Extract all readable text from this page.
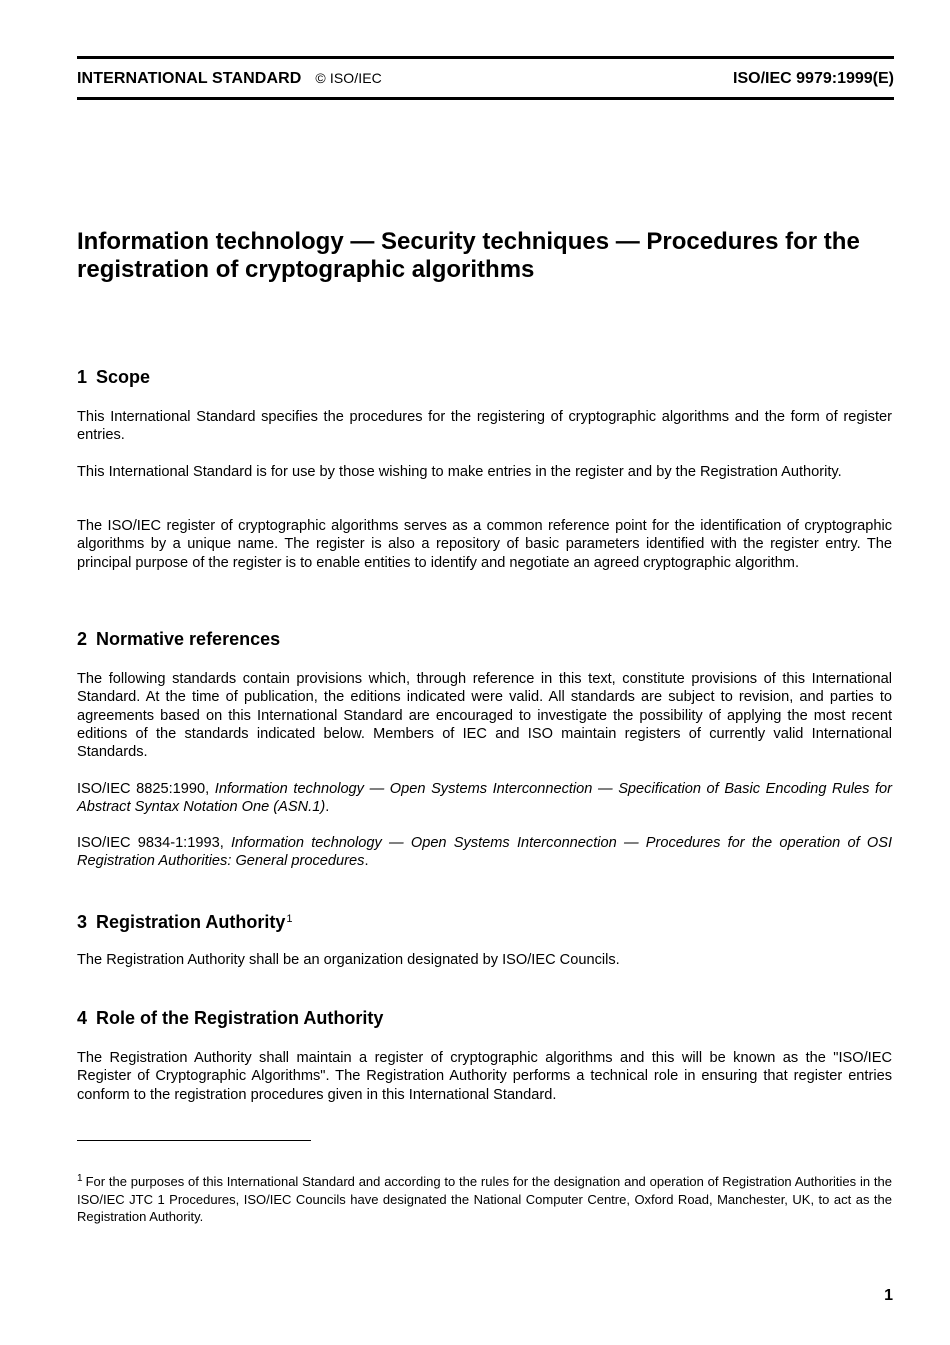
INTERNATIONAL STANDARD © ISO/IEC	ISO/IEC 9979:1999(E)
Information technology — Security techniques — Procedures for the registration of cryptographic algorithms
1 Scope

This International Standard specifies the procedures for the registering of cryptographic algorithms and the form of register entries.

This International Standard is for use by those wishing to make entries in the register and by the Registration Authority.

The ISO/IEC register of cryptographic algorithms serves as a common reference point for the identification of cryptographic algorithms by a unique name. The register is also a repository of basic parameters identified with the register entry. The principal purpose of the register is to enable entities to identify and negotiate an agreed cryptographic algorithm.

2 Normative references

The following standards contain provisions which, through reference in this text, constitute provisions of this International Standard. At the time of publication, the editions indicated were valid. All standards are subject to revision, and parties to agreements based on this International Standard are encouraged to investigate the possibility of applying the most recent editions of the standards indicated below. Members of IEC and ISO maintain registers of currently valid International Standards.

ISO/IEC 8825:1990, Information technology — Open Systems Interconnection — Specification of Basic Encoding Rules for Abstract Syntax Notation One (ASN.1).

ISO/IEC 9834-1:1993, Information technology — Open Systems Interconnection — Procedures for the operation of OSI Registration Authorities: General procedures.

3 Registration Authority$^1$

The Registration Authority shall be an organization designated by ISO/IEC Councils.

4 Role of the Registration Authority

The Registration Authority shall maintain a register of cryptographic algorithms and this will be known as the "ISO/IEC Register of Cryptographic Algorithms". The Registration Authority performs a technical role in ensuring that register entries conform to the registration procedures given in this International Standard.

$^1$ For the purposes of this International Standard and according to the rules for the designation and operation of Registration Authorities in the ISO/IEC JTC 1 Procedures, ISO/IEC Councils have designated the National Computer Centre, Oxford Road, Manchester, UK, to act as the Registration Authority.

1
